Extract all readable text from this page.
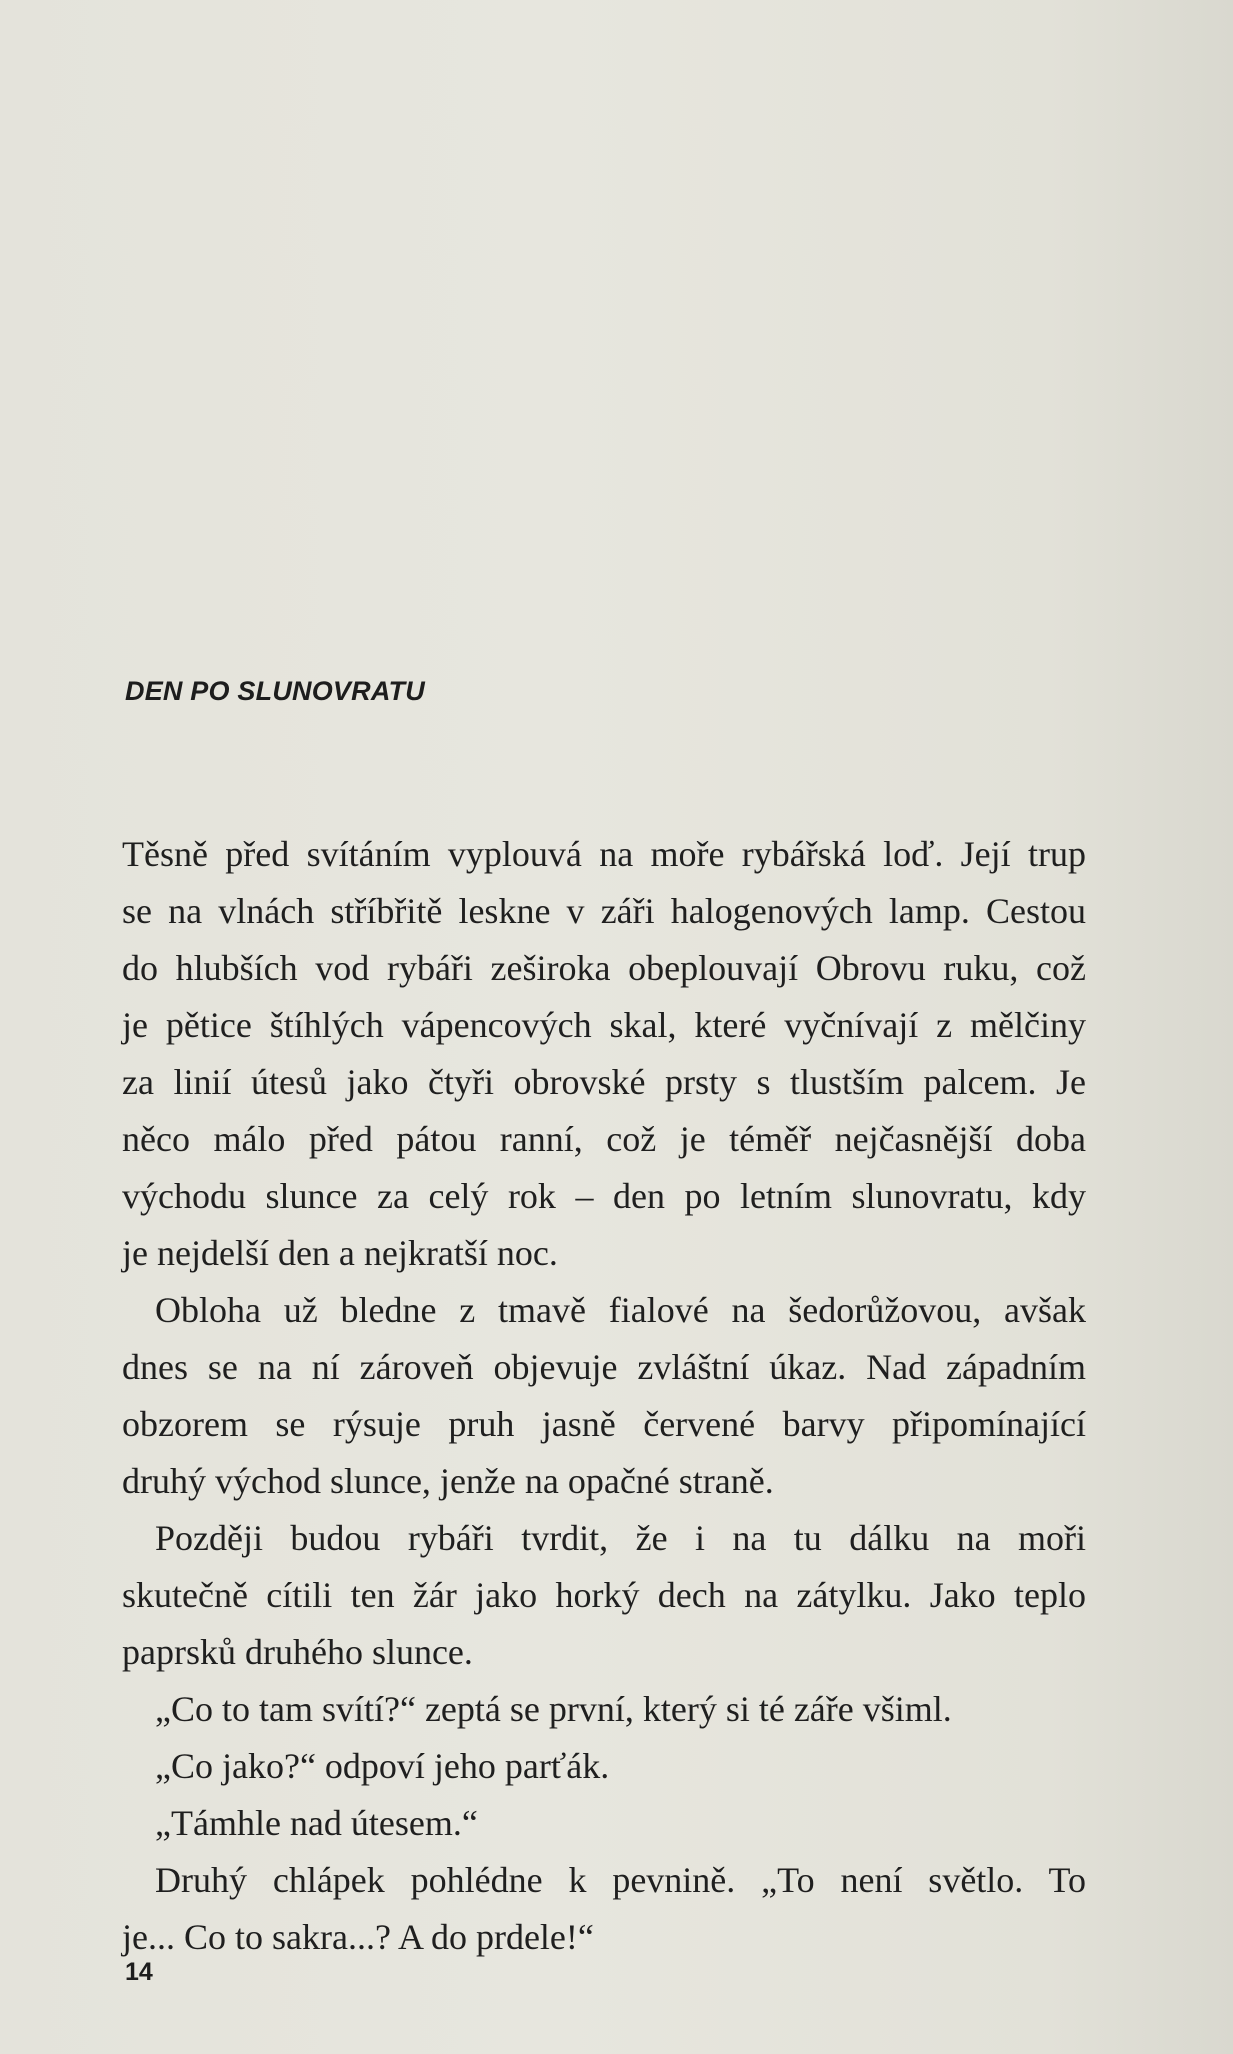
DEN PO SLUNOVRATU

Těsně před svítáním vyplouvá na moře rybářská loď. Její trup
se na vlnách stříbřitě leskne v záři halogenových lamp. Cestou
do hlubších vod rybáři zeširoka obeplouvají Obrovu ruku, což
je pětice štíhlých vápencových skal, které vyčnívají z mělčiny
za linií útesů jako čtyři obrovské prsty s tlustším palcem. Je
něco málo před pátou ranní, což je téměř nejčasnější doba
východu slunce za celý rok – den po letním slunovratu, kdy
je nejdelší den a nejkratší noc.

Obloha už bledne z tmavě fialové na šedorůžovou, avšak
dnes se na ní zároveň objevuje zvláštní úkaz. Nad západním
obzorem se rýsuje pruh jasně červené barvy připomínající
druhý východ slunce, jenže na opačné straně.

Později budou rybáři tvrdit, že i na tu dálku na moři
skutečně cítili ten žár jako horký dech na zátylku. Jako teplo
paprsků druhého slunce.

„Co to tam svítí?“ zeptá se první, který si té záře všiml.

„Co jako?“ odpoví jeho parťák.

„Támhle nad útesem.“

Druhý chlápek pohlédne k pevnině. „To není světlo. To
je... Co to sakra...? A do prdele!“

14
